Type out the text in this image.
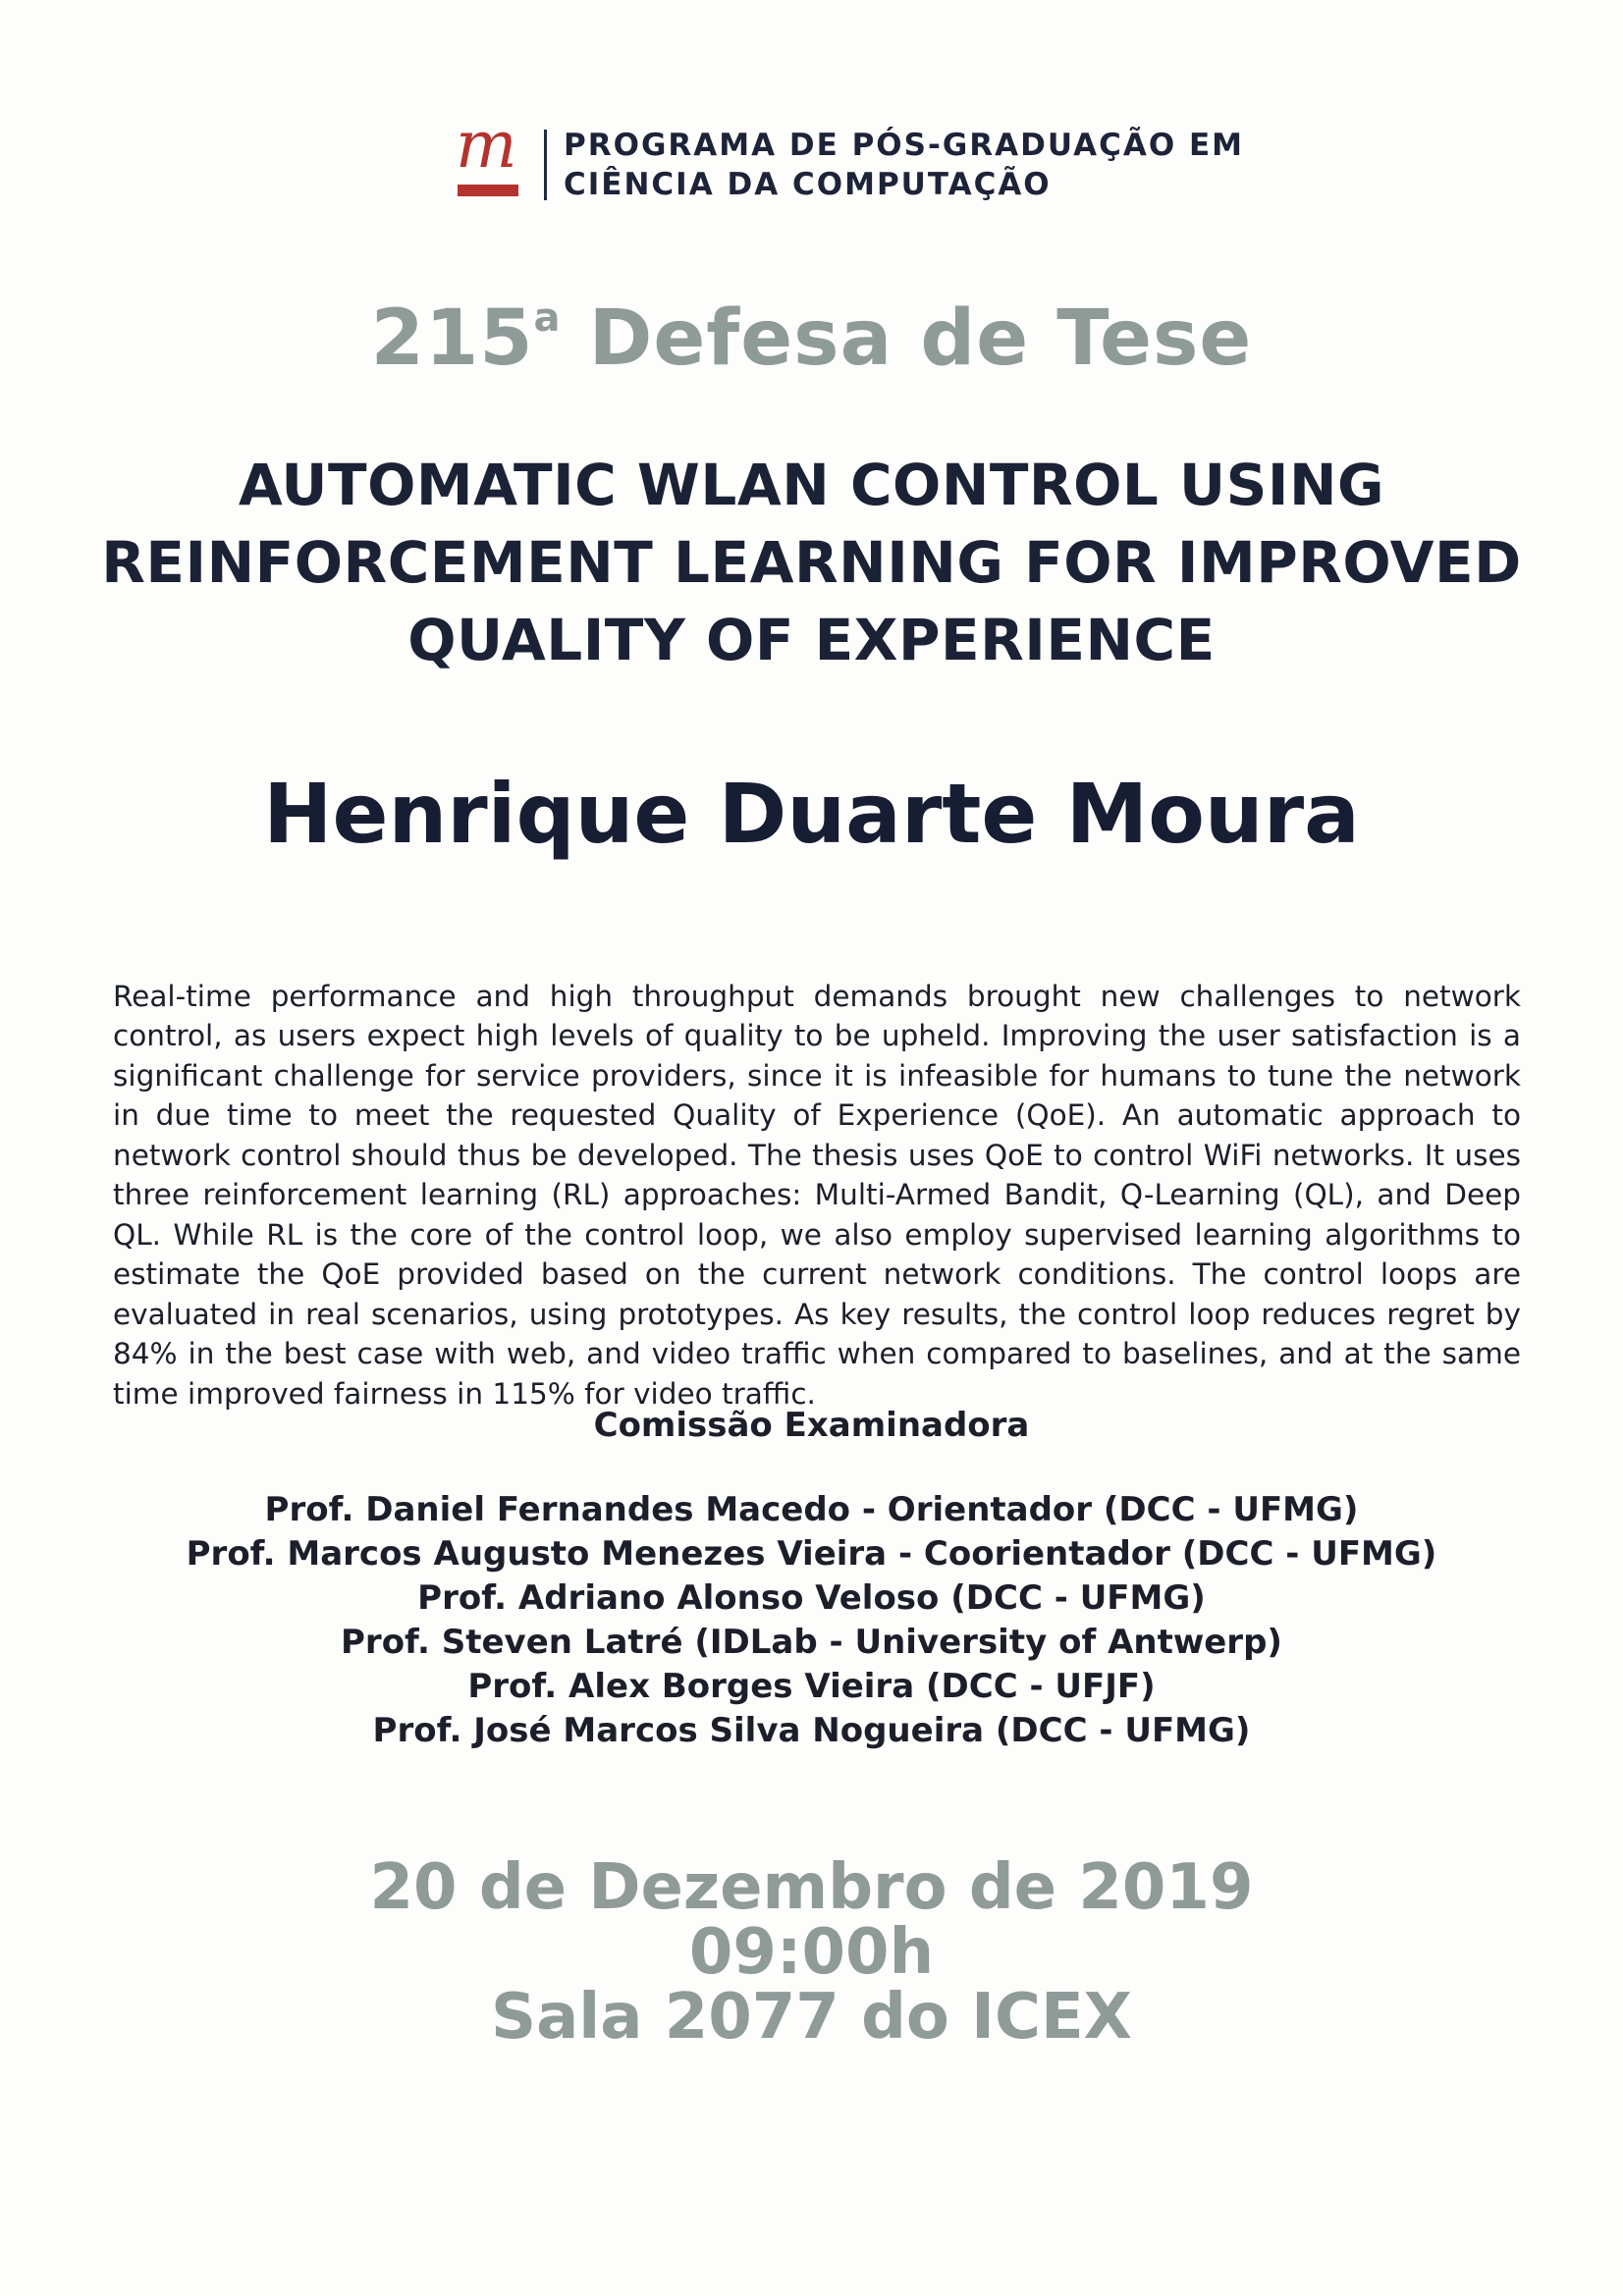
m PROGRAMA DE PÓS-GRADUAÇÃO EM
CIÊNCIA DA COMPUTAÇÃO
215$^a$ Defesa de Tese
AUTOMATIC WLAN CONTROL USING
REINFORCEMENT LEARNING FOR IMPROVED
QUALITY OF EXPERIENCE
Henrique Duarte Moura

Real-time performance and high throughput demands brought new challenges to network control, as users expect high levels of quality to be upheld. Improving the user satisfaction is a significant challenge for service providers, since it is infeasible for humans to tune the network in due time to meet the requested Quality of Experience (QoE). An automatic approach to network control should thus be developed. The thesis uses QoE to control WiFi networks. It uses three reinforcement learning (RL) approaches: Multi-Armed Bandit, Q-Learning (QL), and Deep QL. While RL is the core of the control loop, we also employ supervised learning algorithms to estimate the QoE provided based on the current network conditions. The control loops are evaluated in real scenarios, using prototypes. As key results, the control loop reduces regret by 84% in the best case with web, and video traffic when compared to baselines, and at the same time improved fairness in 115% for video traffic.

Comissão Examinadora
Prof. Daniel Fernandes Macedo - Orientador (DCC - UFMG)
Prof. Marcos Augusto Menezes Vieira - Coorientador (DCC - UFMG)
Prof. Adriano Alonso Veloso (DCC - UFMG)
Prof. Steven Latré (IDLab - University of Antwerp)
Prof. Alex Borges Vieira (DCC - UFJF)
Prof. José Marcos Silva Nogueira (DCC - UFMG)
20 de Dezembro de 2019
09:00h
Sala 2077 do ICEX
